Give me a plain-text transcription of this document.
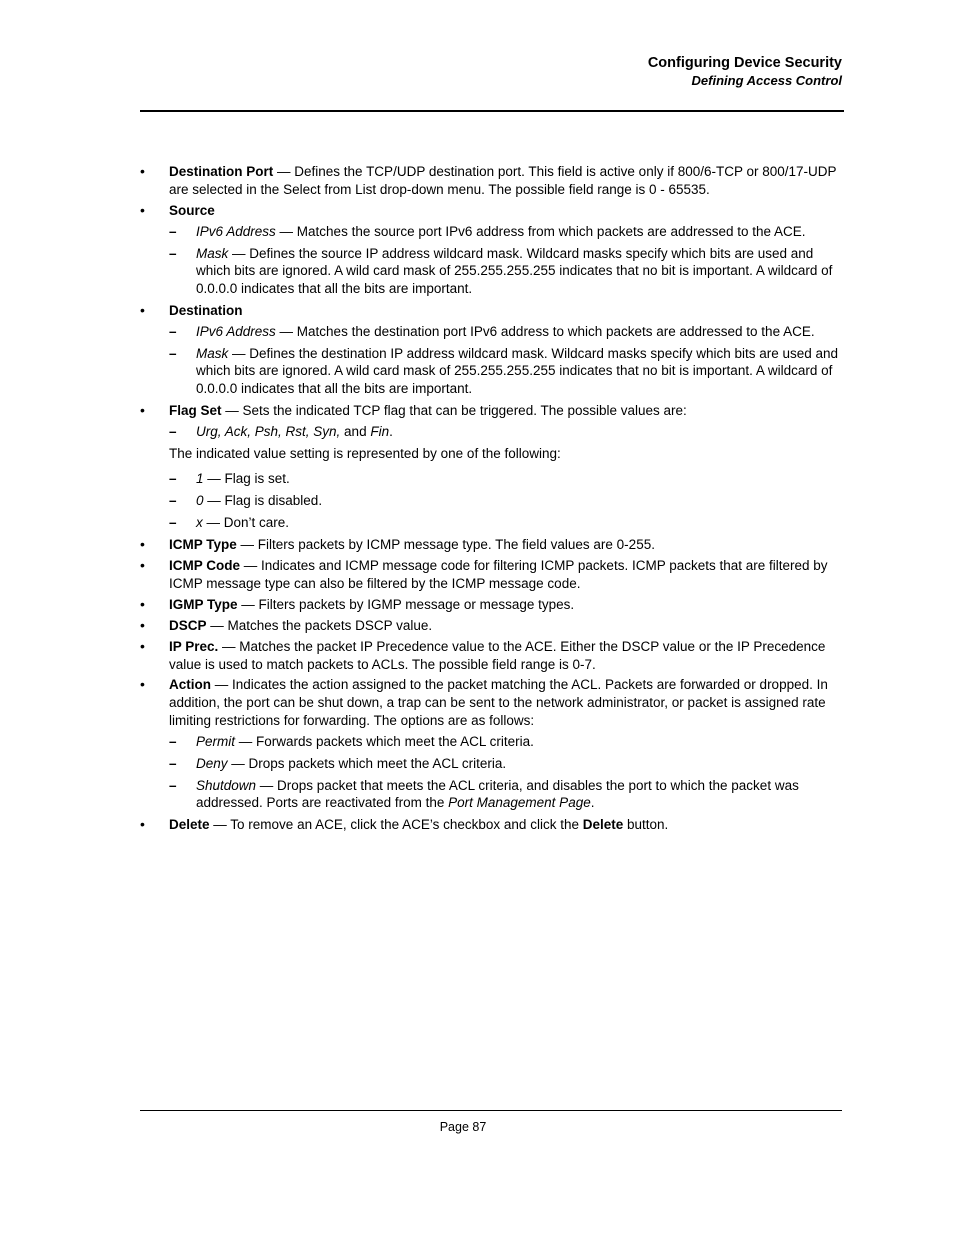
Configuring Device Security
Defining Access Control
• Destination Port — Defines the TCP/UDP destination port. This field is active only if 800/6-TCP or 800/17-UDP are selected in the Select from List drop-down menu. The possible field range is 0 - 65535.
• Source
– IPv6 Address — Matches the source port IPv6 address from which packets are addressed to the ACE.
– Mask — Defines the source IP address wildcard mask. Wildcard masks specify which bits are used and which bits are ignored. A wild card mask of 255.255.255.255 indicates that no bit is important. A wildcard of 0.0.0.0 indicates that all the bits are important.
• Destination
– IPv6 Address — Matches the destination port IPv6 address to which packets are addressed to the ACE.
– Mask — Defines the destination IP address wildcard mask. Wildcard masks specify which bits are used and which bits are ignored. A wild card mask of 255.255.255.255 indicates that no bit is important. A wildcard of 0.0.0.0 indicates that all the bits are important.
• Flag Set — Sets the indicated TCP flag that can be triggered. The possible values are:
– Urg, Ack, Psh, Rst, Syn, and Fin.
The indicated value setting is represented by one of the following:
– 1 — Flag is set.
– 0 — Flag is disabled.
– x — Don’t care.
• ICMP Type — Filters packets by ICMP message type. The field values are 0-255.
• ICMP Code — Indicates and ICMP message code for filtering ICMP packets. ICMP packets that are filtered by ICMP message type can also be filtered by the ICMP message code.
• IGMP Type — Filters packets by IGMP message or message types.
• DSCP — Matches the packets DSCP value.
• IP Prec. — Matches the packet IP Precedence value to the ACE. Either the DSCP value or the IP Precedence value is used to match packets to ACLs. The possible field range is 0-7.
• Action — Indicates the action assigned to the packet matching the ACL. Packets are forwarded or dropped. In addition, the port can be shut down, a trap can be sent to the network administrator, or packet is assigned rate limiting restrictions for forwarding. The options are as follows:
– Permit — Forwards packets which meet the ACL criteria.
– Deny — Drops packets which meet the ACL criteria.
– Shutdown — Drops packet that meets the ACL criteria, and disables the port to which the packet was addressed. Ports are reactivated from the Port Management Page.
• Delete — To remove an ACE, click the ACE’s checkbox and click the Delete button.
Page 87
